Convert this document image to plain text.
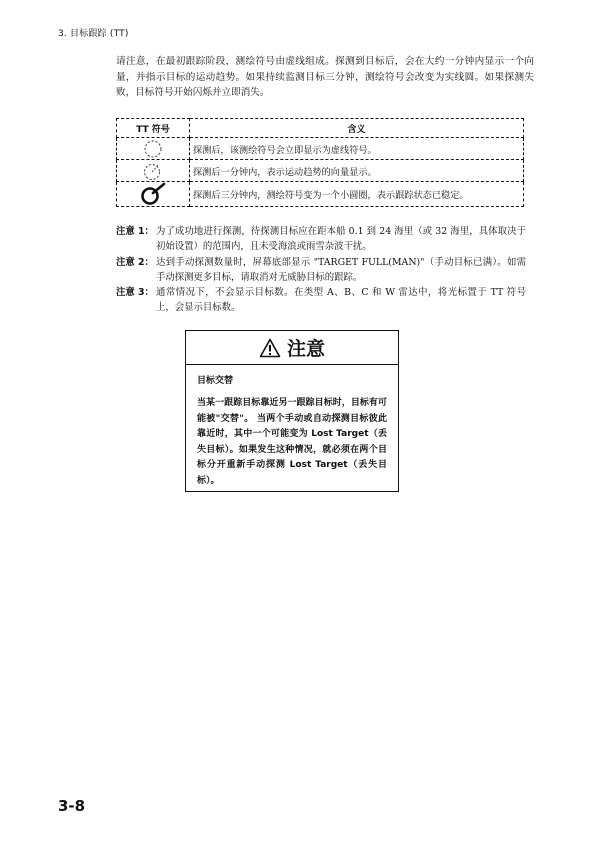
3. 目标跟踪 (TT)
请注意，在最初跟踪阶段，测绘符号由虚线组成。探测到目标后，会在大约一分钟内显示一个向量，并指示目标的运动趋势。如果持续监测目标三分钟，测绘符号会改变为实线圆。如果探测失败，目标符号开始闪烁并立即消失。
TT 符号	含义

	探测后，该测绘符号会立即显示为虚线符号。

	探测后一分钟内，表示运动趋势的向量显示。

	探测后三分钟内，测绘符号变为一个小圆圈，表示跟踪状态已稳定。
注意 1： 为了成功地进行探测，待探测目标应在距本船 0.1 到 24 海里（或 32 海里，具体取决于初始设置）的范围内，且未受海浪或雨雪杂波干扰。
注意 2： 达到手动探测数量时，屏幕底部显示 "TARGET FULL(MAN)"（手动目标已满）。如需手动探测更多目标，请取消对无威胁目标的跟踪。
注意 3： 通常情况下，不会显示目标数。在类型 A、B、C 和 W 雷达中，将光标置于 TT 符号上，会显示目标数。
注意
目标交替
当某一跟踪目标靠近另一跟踪目标时，目标有可能被"交替"。 当两个手动或自动探测目标彼此靠近时，其中一个可能变为 Lost Target（丢失目标）。如果发生这种情况，就必须在两个目标分开重新手动探测 Lost Target（丢失目标）。
3-8
